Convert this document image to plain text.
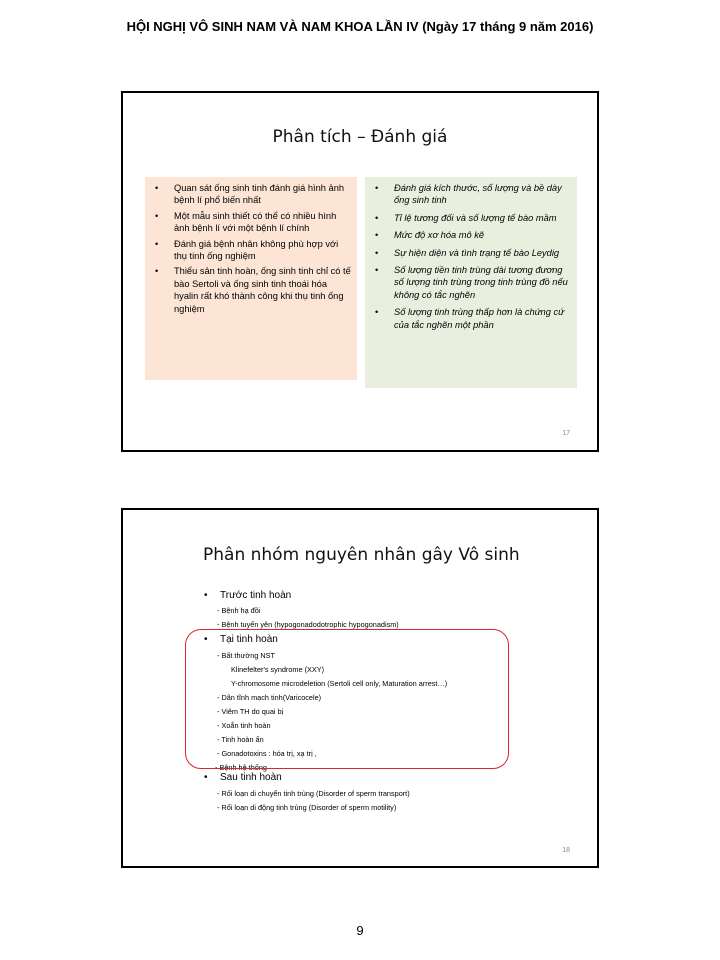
HỘI NGHỊ VÔ SINH NAM VÀ NAM KHOA LẦN IV (Ngày 17 tháng 9 năm 2016)
Phân tích – Đánh giá
• Quan sát ống sinh tinh đánh giá hình ảnh bệnh lí phổ biến nhất
• Một mẫu sinh thiết có thể có nhiều hình ảnh bệnh lí với một bệnh lí chính
• Đánh giá bệnh nhân không phù hợp với thụ tinh ống nghiệm
• Thiểu sản tinh hoàn, ống sinh tinh chỉ có tế bào Sertoli và ống sinh tinh thoái hóa hyalin rất khó thành công khi thụ tinh ống nghiệm
• Đánh giá kích thước, số lượng và bề dày ống sinh tinh
• Tỉ lệ tương đối và số lượng tế bào mầm
• Mức độ xơ hóa mô kẽ
• Sự hiện diện và tình trạng tế bào Leydig
• Số lượng tiền tinh trùng dài tương đương số lượng tinh trùng trong tinh trùng đồ nếu không có tắc nghẽn
• Số lượng tinh trùng thấp hơn là chứng cứ của tắc nghẽn một phần
17
Phân nhóm nguyên nhân gây Vô sinh
• Trước tinh hoàn
- Bệnh hạ đồi
- Bệnh tuyến yên (hypogonadodotrophic hypogonadism)
• Tại tinh hoàn
- Bất thường NST
Klinefelter's syndrome (XXY)
Y-chromosome microdeletion (Sertoli cell only, Maturation arrest…)
- Dãn tĩnh mạch tinh(Varicocele)
- Viêm TH do quai bị
- Xoắn tinh hoàn
- Tinh hoàn ẩn
- Gonadotoxins : hóa trị, xạ trị ,
- Bệnh hệ thống
• Sau tinh hoàn
- Rối loạn di chuyển tinh trùng (Disorder of sperm transport)
- Rối loạn di động tinh trùng (Disorder of sperm motility)
18
9
